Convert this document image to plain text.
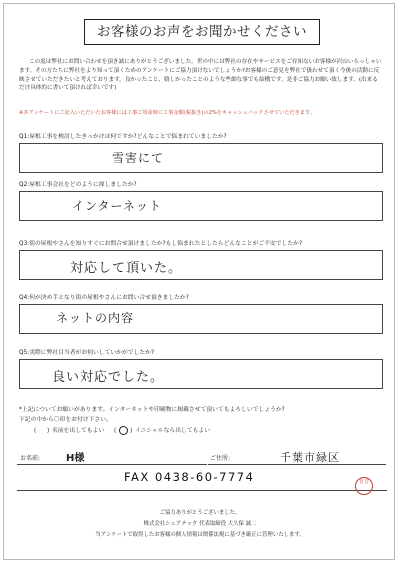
お客様のお声をお聞かせください

この度は弊社にお問い合わせを頂き誠にありがとうございました。世の中には弊社の存在やサービスをご存知ないお客様が沢山いらっしゃいます。その方たちに弊社をより知って頂くためのアンケートにご協力頂けないでしょうか?お客様のご意見を弊社で扱わせて頂く今後の活動に反映させていただきたいと考えております。良かったこと、嬉しかったことのような些細な事でも結構です。是非ご協力お願い致します。(出来るだけ具体的に書いて頂ければ幸いです)

※本アンケートにご記入いただいたお客様には工事ご用命時に工事金額(税抜き)の2%をキャッシュバックさせていただきます。

Q1:屋根工事を検討したきっかけは何ですか?どんなことで悩まれていましたか?

雪害にて

Q2:屋根工事会社をどのように探しましたか?

インターネット

Q3:街の屋根やさんを知りすぐにお問合せ頂けましたか?もし悩まれたとしたらどんなことがご不安でしたか?

対応して頂いた。

Q4:何が決め手となり街の屋根やさんにお問い合せ頂きましたか?

ネットの内容

Q5:実際に弊社目当者がお伺いしていかがでしたか?

良い対応でした。

*上記についてお願いがあります。インターネットや印刷物に掲載させて頂いてもよろしいでしょうか?

下記の中から〇印をお付け下さい。

( ) 名前を出してもよい ( ) イニシャルなら出してもよい
お名前:	H様	ご住所:	千葉市緑区
FAX 0438-60-7774	日吉
ご協力ありがとうございました。
株式会社シェアテック 代表取締役 大久保 誠二
当アンケートで取得したお客様の個人情報は関係法規に基づき厳正に管理いたします。
